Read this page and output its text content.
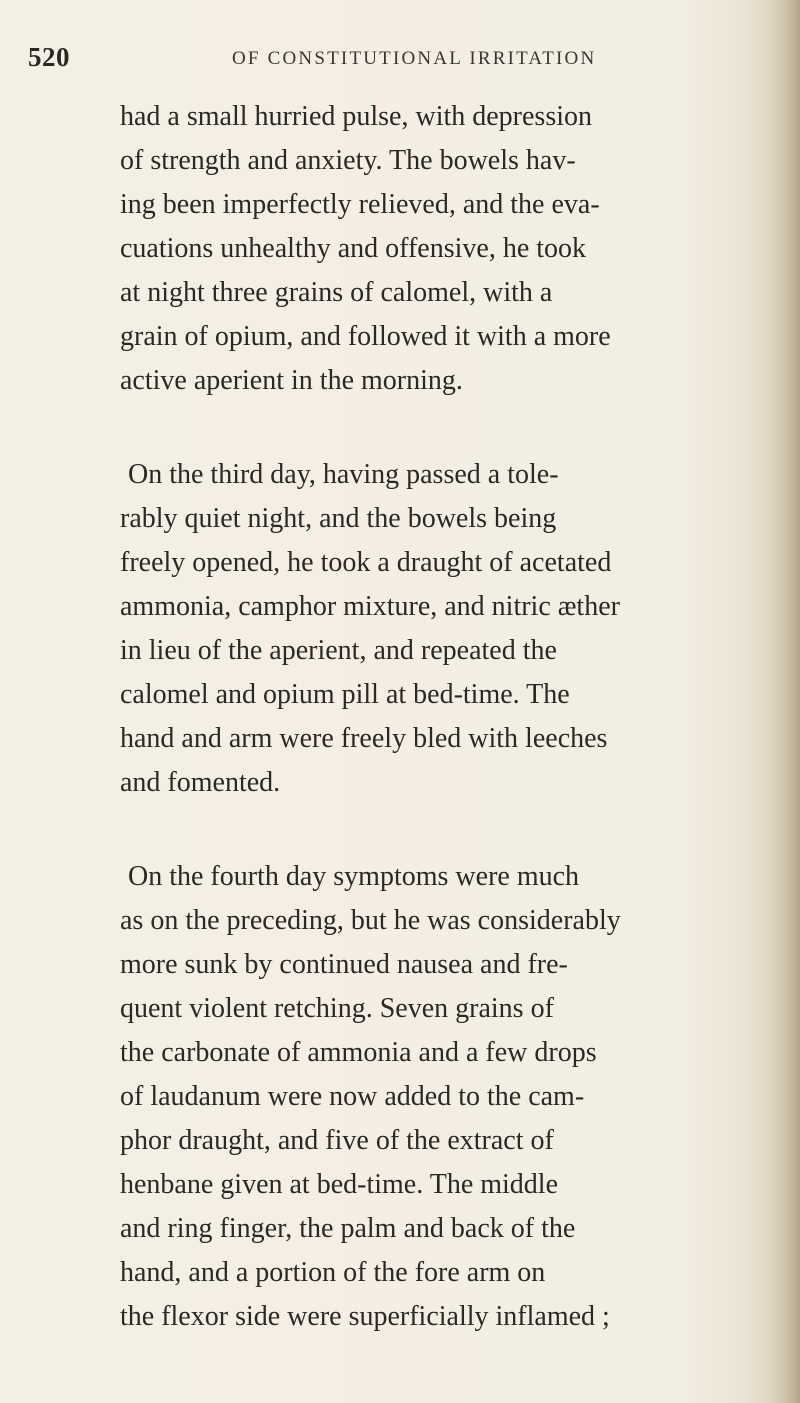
520	OF CONSTITUTIONAL IRRITATION
had a small hurried pulse, with depression
of strength and anxiety. The bowels hav-
ing been imperfectly relieved, and the eva-
cuations unhealthy and offensive, he took
at night three grains of calomel, with a
grain of opium, and followed it with a more
active aperient in the morning.
On the third day, having passed a tole-
rably quiet night, and the bowels being
freely opened, he took a draught of acetated
ammonia, camphor mixture, and nitric æther
in lieu of the aperient, and repeated the
calomel and opium pill at bed-time. The
hand and arm were freely bled with leeches
and fomented.
On the fourth day symptoms were much
as on the preceding, but he was considerably
more sunk by continued nausea and fre-
quent violent retching. Seven grains of
the carbonate of ammonia and a few drops
of laudanum were now added to the cam-
phor draught, and five of the extract of
henbane given at bed-time. The middle
and ring finger, the palm and back of the
hand, and a portion of the fore arm on
the flexor side were superficially inflamed ;
